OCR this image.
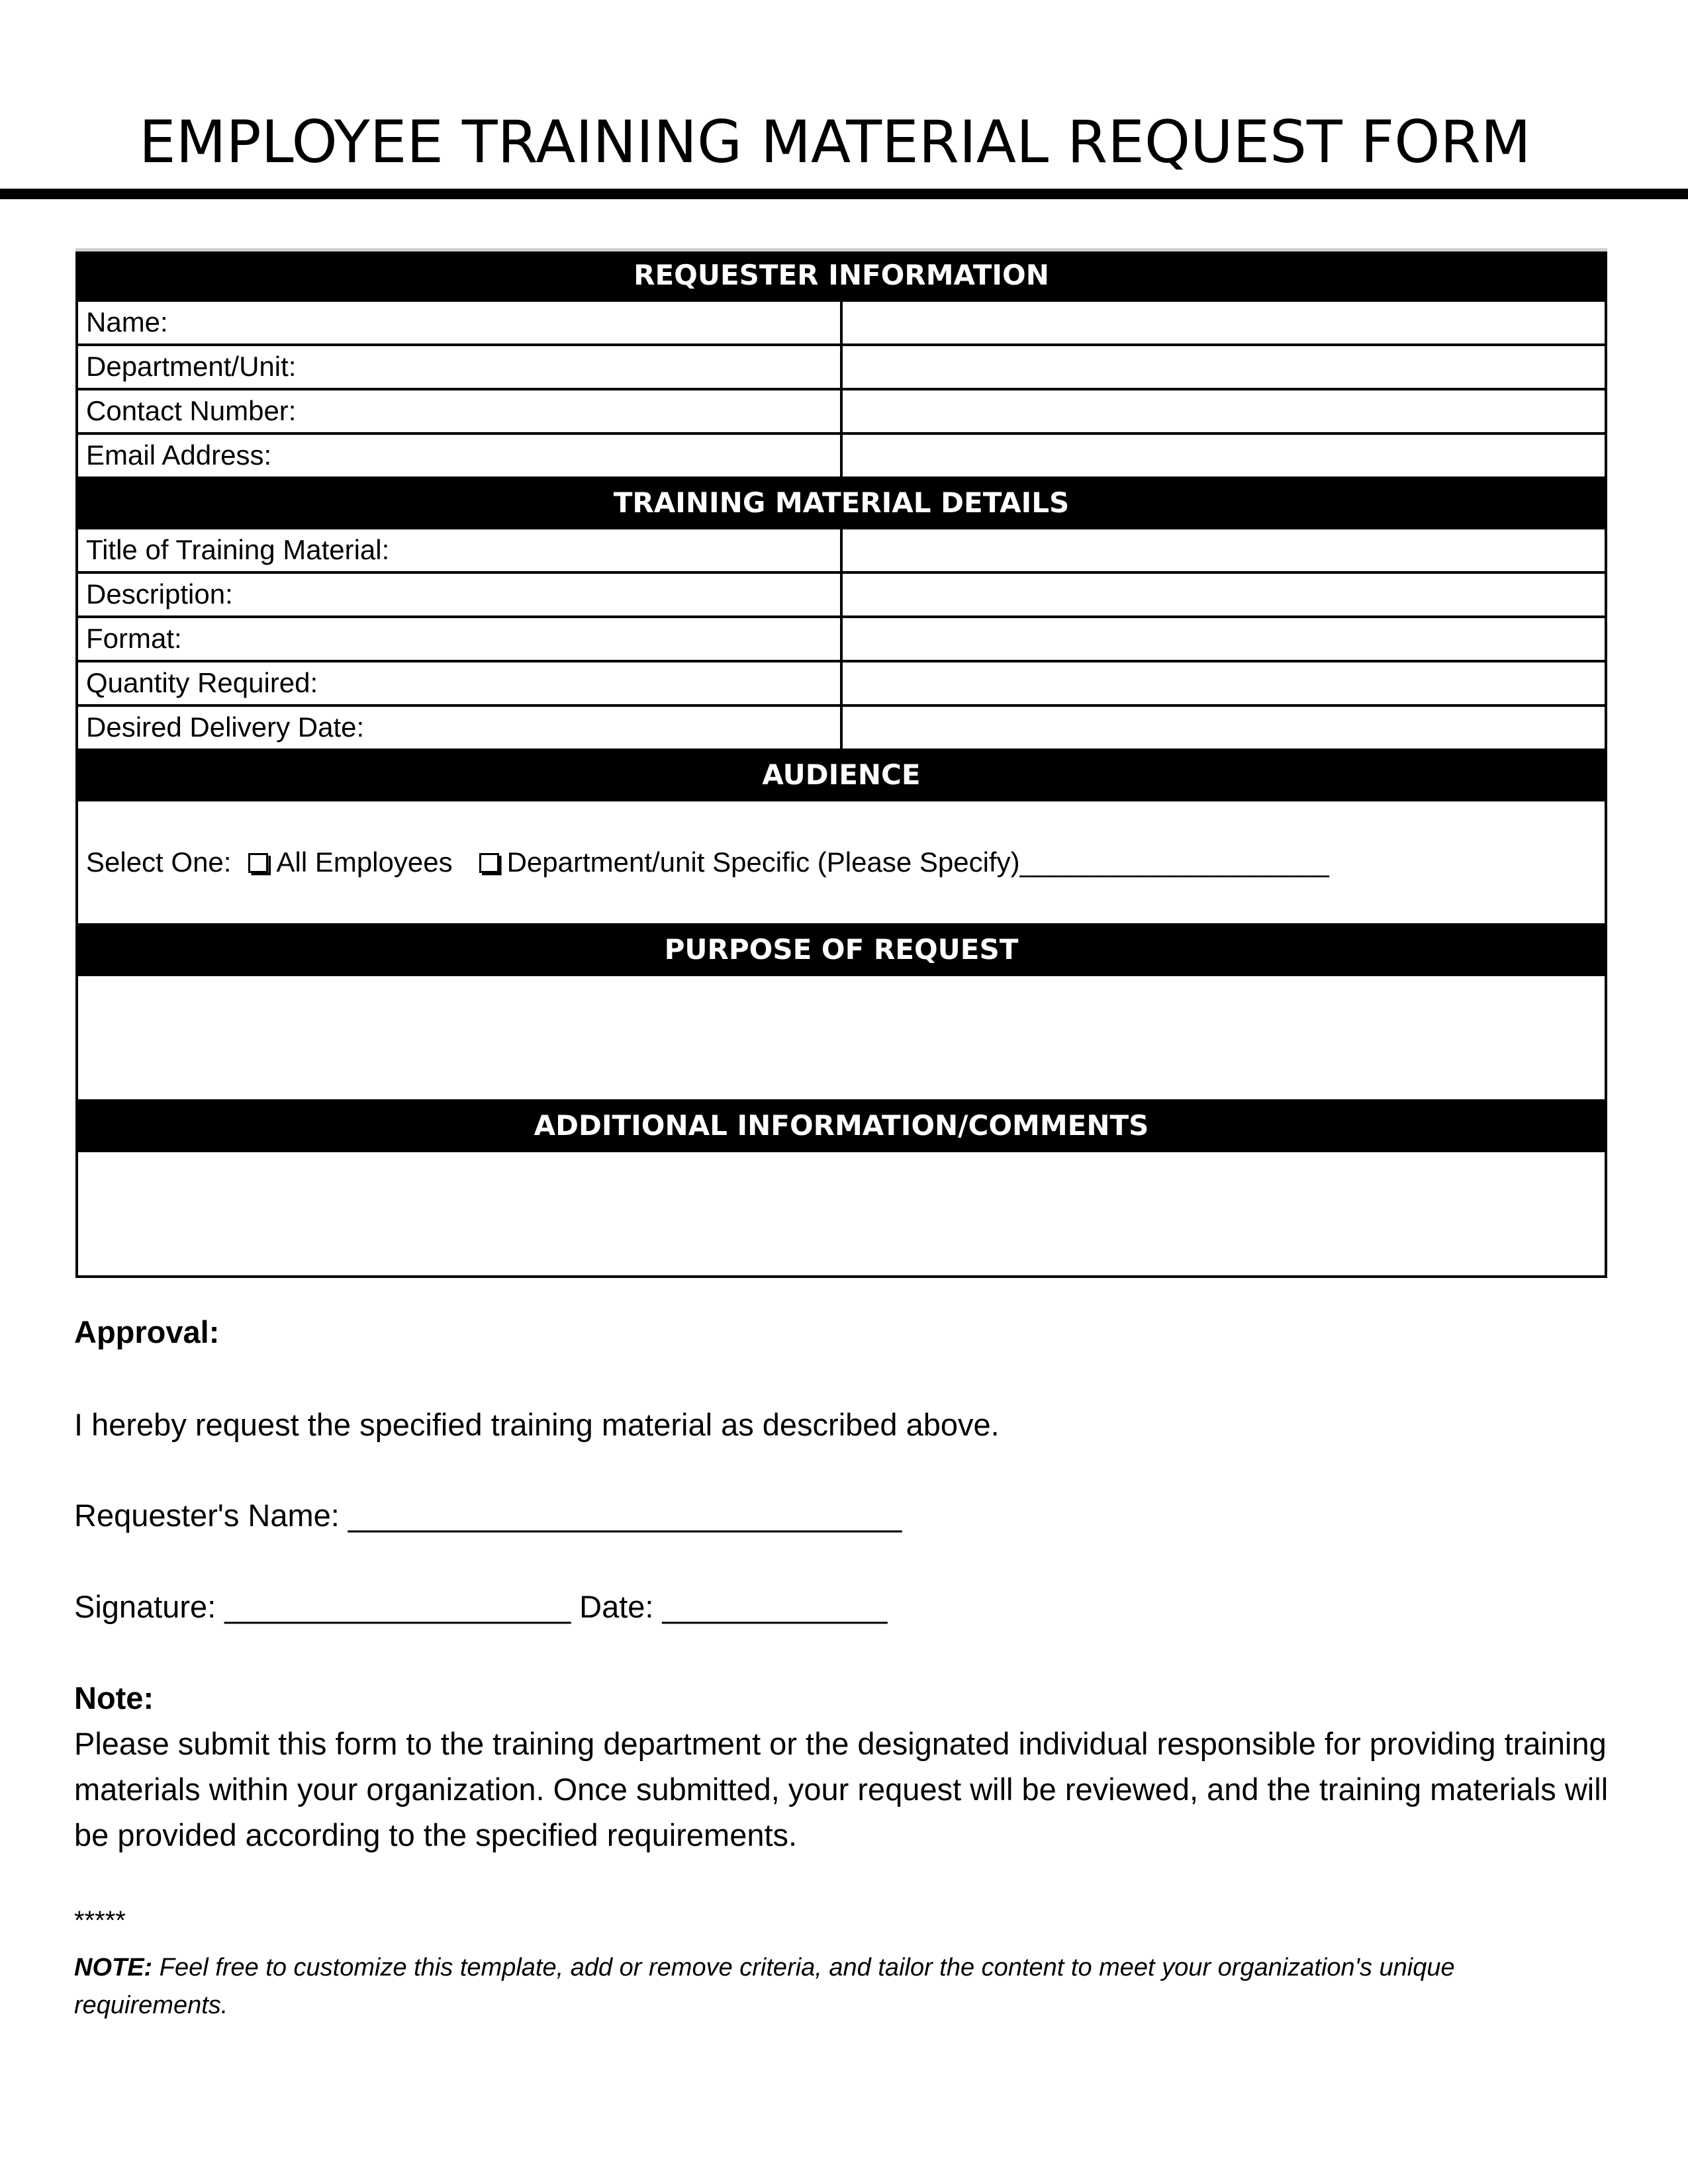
EMPLOYEE TRAINING MATERIAL REQUEST FORM
REQUESTER INFORMATION	
Name:	
Department/Unit:	
Contact Number:	
Email Address:	
TRAINING MATERIAL DETAILS	
Title of Training Material:	
Description:	
Format:	
Quantity Required:	
Desired Delivery Date:	
AUDIENCE	
Select One: All Employees Department/unit Specific (Please Specify)____________________	
PURPOSE OF REQUEST	

ADDITIONAL INFORMATION/COMMENTS	

Approval:
I hereby request the specified training material as described above.
Requester's Name: ________________________________
Signature: ____________________ Date: _____________
Note:
Please submit this form to the training department or the designated individual responsible for providing training materials within your organization. Once submitted, your request will be reviewed, and the training materials will be provided according to the specified requirements.
*****
NOTE: Feel free to customize this template, add or remove criteria, and tailor the content to meet your organization's unique requirements.
